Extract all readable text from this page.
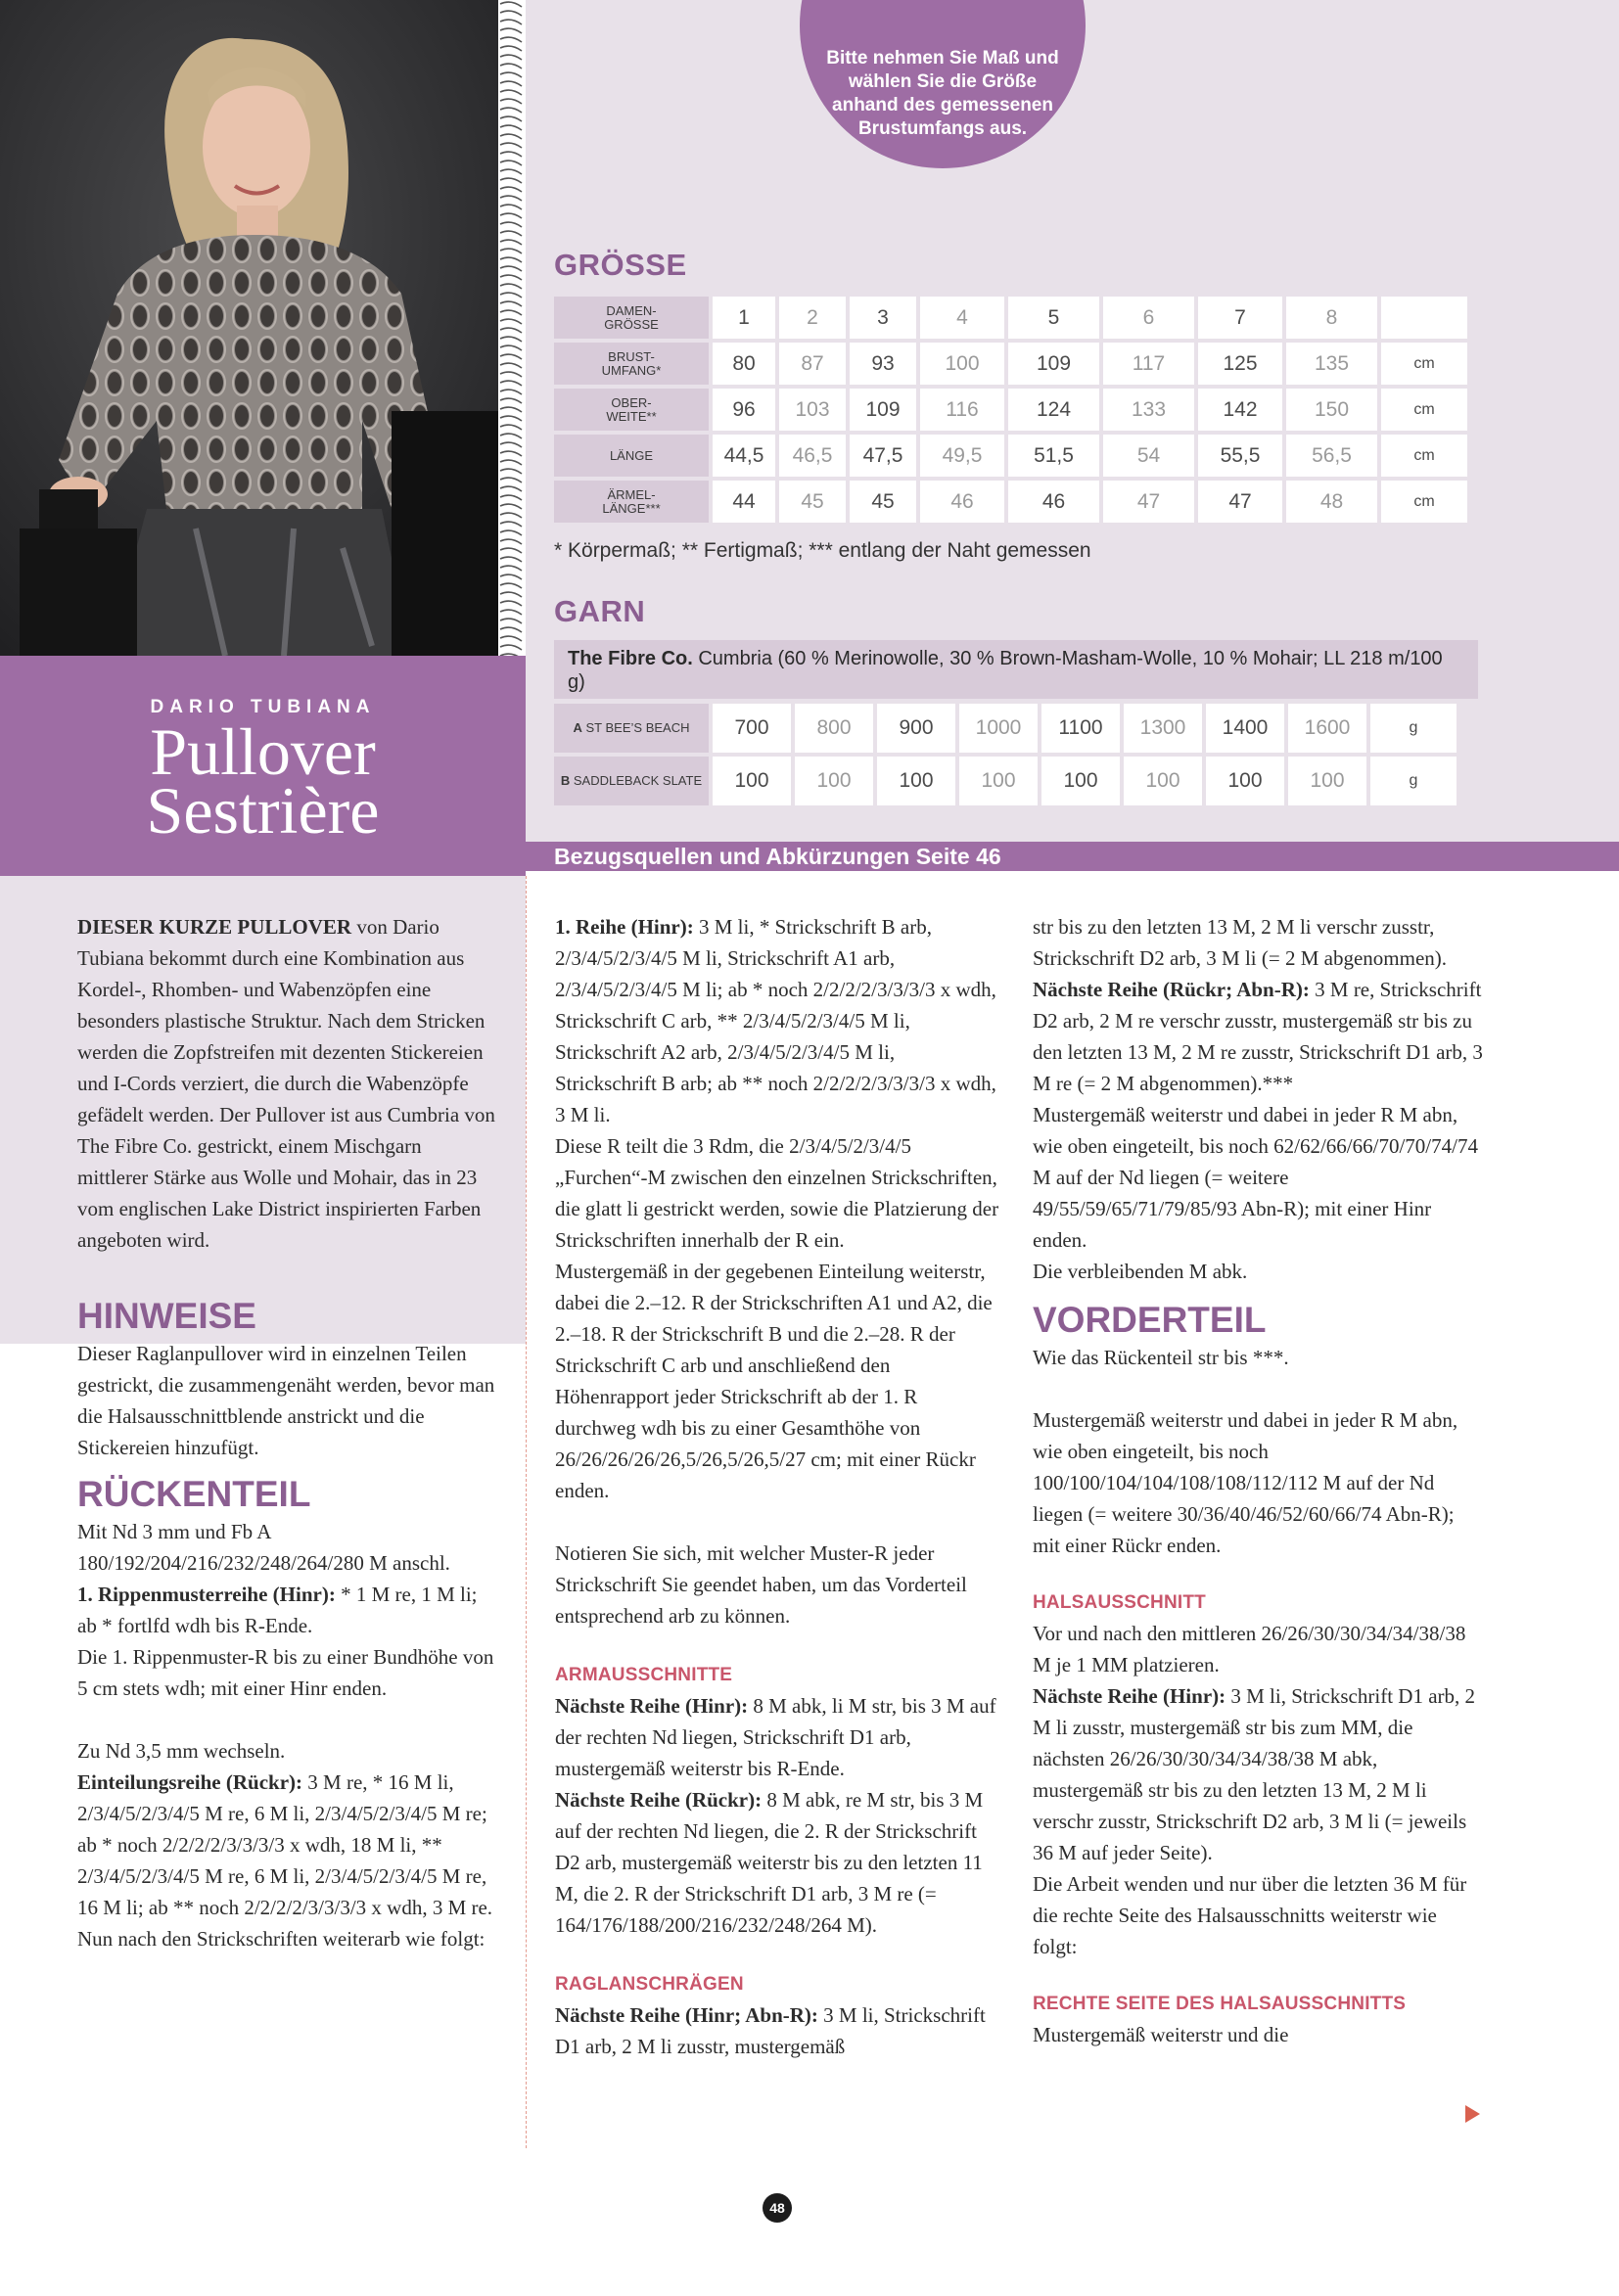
DARIO TUBIANA
Pullover
Sestrière
Bitte nehmen Sie Maß und wählen Sie die Größe anhand des gemessenen Brustumfangs aus.
GRÖSSE
DAMEN-
GRÖSSE	1	2	3	4	5	6	7	8	
BRUST-
UMFANG*	80	87	93	100	109	117	125	135	cm
OBER-
WEITE**	96	103	109	116	124	133	142	150	cm
LÄNGE	44,5	46,5	47,5	49,5	51,5	54	55,5	56,5	cm
ÄRMEL-
LÄNGE***	44	45	45	46	46	47	47	48	cm
* Körpermaß; ** Fertigmaß; *** entlang der Naht gemessen
GARN
The Fibre Co. Cumbria (60 % Merinowolle, 30 % Brown-Masham-Wolle, 10 % Mohair; LL 218 m/100 g)
A ST BEE’S BEACH	700	800	900	1000	1100	1300	1400	1600	g
B SADDLEBACK SLATE	100	100	100	100	100	100	100	100	g
Bezugsquellen und Abkürzungen Seite 46

DIESER KURZE PULLOVER von Dario Tubiana bekommt durch eine Kombination aus Kordel-, Rhomben- und Wabenzöpfen eine besonders plastische Struktur. Nach dem Stricken werden die Zopfstreifen mit dezenten Stickereien und I-Cords verziert, die durch die Wabenzöpfe gefädelt werden. Der Pullover ist aus Cumbria von The Fibre Co. gestrickt, einem Mischgarn mittlerer Stärke aus Wolle und Mohair, das in 23 vom englischen Lake District inspirierten Farben angeboten wird.

HINWEISE

Dieser Raglanpullover wird in einzelnen Teilen gestrickt, die zusammengenäht werden, bevor man die Halsausschnittblende anstrickt und die Stickereien hinzufügt.

RÜCKENTEIL

Mit Nd 3 mm und Fb A 180/192/204/216/232/248/264/280 M anschl.

1. Rippenmusterreihe (Hinr): * 1 M re, 1 M li; ab * fortlfd wdh bis R-Ende.

Die 1. Rippenmuster-R bis zu einer Bundhöhe von 5 cm stets wdh; mit einer Hinr enden.

Zu Nd 3,5 mm wechseln.

Einteilungsreihe (Rückr): 3 M re, * 16 M li, 2/3/4/5/2/3/4/5 M re, 6 M li, 2/3/4/5/2/3/4/5 M re; ab * noch 2/2/2/2/3/3/3/3 x wdh, 18 M li, ** 2/3/4/5/2/3/4/5 M re, 6 M li, 2/3/4/5/2/3/4/5 M re, 16 M li; ab ** noch 2/2/2/2/3/3/3/3 x wdh, 3 M re.

Nun nach den Strickschriften weiterarb wie folgt:

1. Reihe (Hinr): 3 M li, * Strickschrift B arb, 2/3/4/5/2/3/4/5 M li, Strickschrift A1 arb, 2/3/4/5/2/3/4/5 M li; ab * noch 2/2/2/2/3/3/3/3 x wdh, Strickschrift C arb, ** 2/3/4/5/2/3/4/5 M li, Strickschrift A2 arb, 2/3/4/5/2/3/4/5 M li, Strickschrift B arb; ab ** noch 2/2/2/2/3/3/3/3 x wdh, 3 M li.

Diese R teilt die 3 Rdm, die 2/3/4/5/2/3/4/5 „Furchen“-M zwischen den einzelnen Strickschriften, die glatt li gestrickt werden, sowie die Platzierung der Strickschriften innerhalb der R ein.

Mustergemäß in der gegebenen Einteilung weiterstr, dabei die 2.–12. R der Strickschriften A1 und A2, die 2.–18. R der Strickschrift B und die 2.–28. R der Strickschrift C arb und anschließend den Höhenrapport jeder Strickschrift ab der 1. R durchweg wdh bis zu einer Gesamthöhe von 26/26/26/26/26,5/26,5/26,5/27 cm; mit einer Rückr enden.

Notieren Sie sich, mit welcher Muster-R jeder Strickschrift Sie geendet haben, um das Vorderteil entsprechend arb zu können.

ARMAUSSCHNITTE

Nächste Reihe (Hinr): 8 M abk, li M str, bis 3 M auf der rechten Nd liegen, Strickschrift D1 arb, mustergemäß weiterstr bis R-Ende.

Nächste Reihe (Rückr): 8 M abk, re M str, bis 3 M auf der rechten Nd liegen, die 2. R der Strickschrift D2 arb, mustergemäß weiterstr bis zu den letzten 11 M, die 2. R der Strickschrift D1 arb, 3 M re (= 164/176/188/200/216/232/248/264 M).

RAGLANSCHRÄGEN

Nächste Reihe (Hinr; Abn-R): 3 M li, Strickschrift D1 arb, 2 M li zusstr, mustergemäß

str bis zu den letzten 13 M, 2 M li verschr zusstr, Strickschrift D2 arb, 3 M li (= 2 M abgenommen).

Nächste Reihe (Rückr; Abn-R): 3 M re, Strickschrift D2 arb, 2 M re verschr zusstr, mustergemäß str bis zu den letzten 13 M, 2 M re zusstr, Strickschrift D1 arb, 3 M re (= 2 M abgenommen).***

Mustergemäß weiterstr und dabei in jeder R M abn, wie oben eingeteilt, bis noch 62/62/66/66/70/70/74/74 M auf der Nd liegen (= weitere 49/55/59/65/71/79/85/93 Abn-R); mit einer Hinr enden.

Die verbleibenden M abk.

VORDERTEIL

Wie das Rückenteil str bis ***.

Mustergemäß weiterstr und dabei in jeder R M abn, wie oben eingeteilt, bis noch 100/100/104/104/108/108/112/112 M auf der Nd liegen (= weitere 30/36/40/46/52/60/66/74 Abn-R); mit einer Rückr enden.

HALSAUSSCHNITT

Vor und nach den mittleren 26/26/30/30/34/34/38/38 M je 1 MM platzieren.

Nächste Reihe (Hinr): 3 M li, Strickschrift D1 arb, 2 M li zusstr, mustergemäß str bis zum MM, die nächsten 26/26/30/30/34/34/38/38 M abk, mustergemäß str bis zu den letzten 13 M, 2 M li verschr zusstr, Strickschrift D2 arb, 3 M li (= jeweils 36 M auf jeder Seite).

Die Arbeit wenden und nur über die letzten 36 M für die rechte Seite des Halsausschnitts weiterstr wie folgt:

RECHTE SEITE DES HALSAUSSCHNITTS

Mustergemäß weiterstr und die

48
